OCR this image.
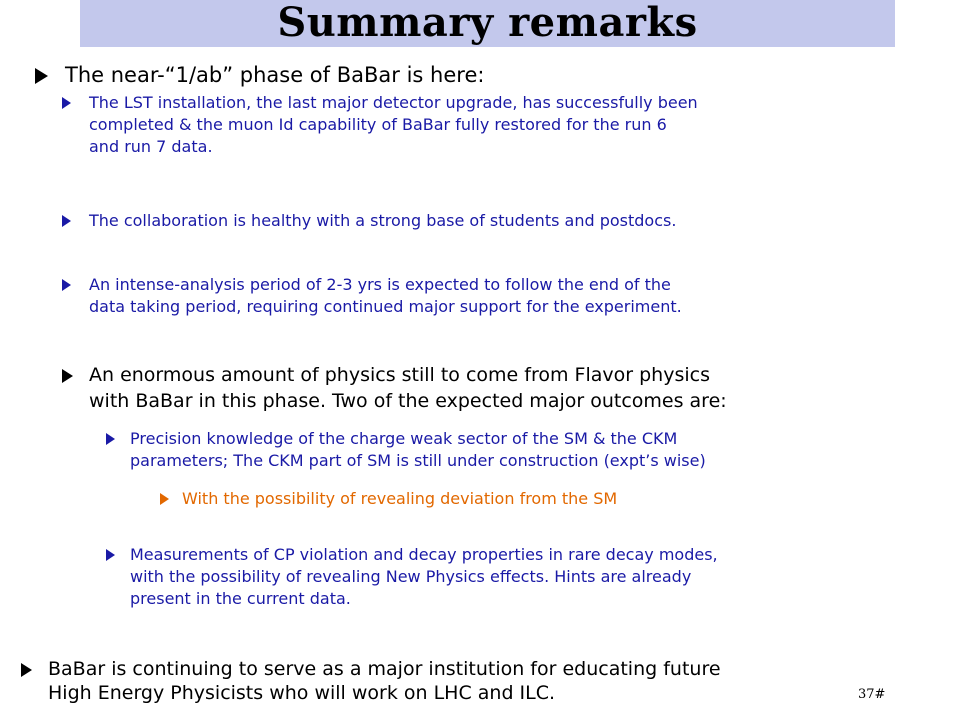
Summary remarks
The near-“1/ab” phase of BaBar is here:
The LST installation, the last major detector upgrade, has successfully been
completed & the muon Id capability of BaBar fully restored for the run 6
and run 7 data.
The collaboration is healthy with a strong base of students and postdocs.
An intense-analysis period of 2-3 yrs is expected to follow the end of the
data taking period, requiring continued major support for the experiment.
An enormous amount of physics still to come from Flavor physics
with BaBar in this phase. Two of the expected major outcomes are:
Precision knowledge of the charge weak sector of the SM & the CKM
parameters; The CKM part of SM is still under construction (expt’s wise)
With the possibility of revealing deviation from the SM
Measurements of CP violation and decay properties in rare decay modes,
with the possibility of revealing New Physics effects. Hints are already
present in the current data.
BaBar is continuing to serve as a major institution for educating future
High Energy Physicists who will work on LHC and ILC.	37#
